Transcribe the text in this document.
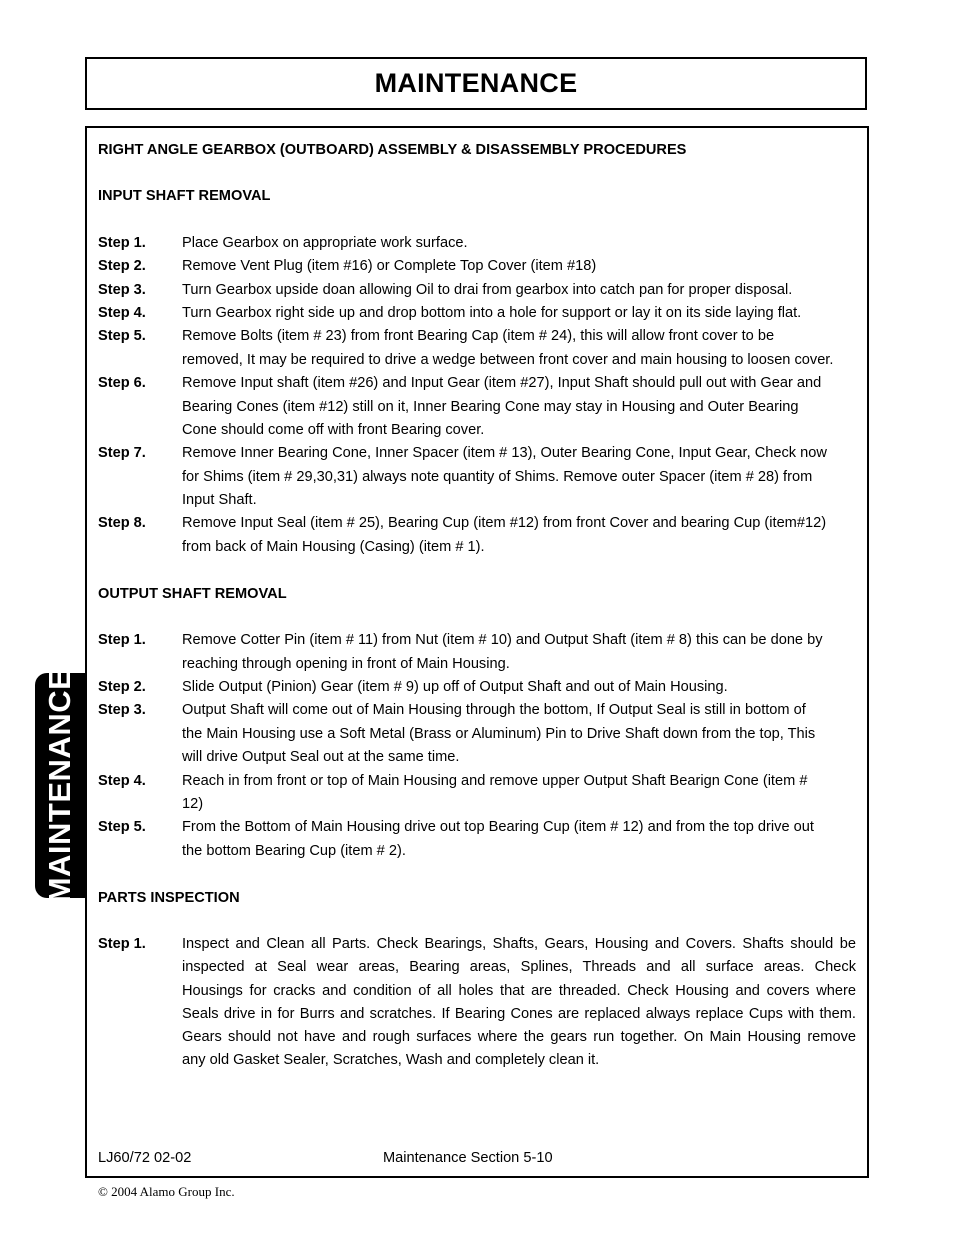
MAINTENANCE
MAINTENANCE
RIGHT ANGLE GEARBOX (OUTBOARD) ASSEMBLY & DISASSEMBLY PROCEDURES
INPUT SHAFT REMOVAL
Step 1. Place Gearbox on appropriate work surface.
Step 2. Remove Vent Plug (item #16) or Complete Top Cover (item #18)
Step 3. Turn Gearbox upside doan allowing Oil to drai from gearbox into catch pan for proper disposal.
Step 4. Turn Gearbox right side up and drop bottom into a hole for support or lay it on its side laying flat.
Step 5. Remove Bolts (item # 23) from front Bearing Cap (item # 24), this will allow front cover to be
removed, It may be required to drive a wedge between front cover and main housing to loosen cover.
Step 6. Remove Input shaft (item #26) and Input Gear (item #27), Input Shaft should pull out with Gear and
Bearing Cones (item #12) still on it, Inner Bearing Cone may stay in Housing and Outer Bearing
Cone should come off with front Bearing cover.
Step 7. Remove Inner Bearing Cone, Inner Spacer (item # 13), Outer Bearing Cone, Input Gear, Check now
for Shims (item # 29,30,31) always note quantity of Shims. Remove outer Spacer (item # 28) from
Input Shaft.
Step 8. Remove Input Seal (item # 25), Bearing Cup (item #12) from front Cover and bearing Cup (item#12)
from back of Main Housing (Casing) (item # 1).
OUTPUT SHAFT REMOVAL
Step 1. Remove Cotter Pin (item # 11) from Nut (item # 10) and Output Shaft (item # 8) this can be done by
reaching through opening in front of Main Housing.
Step 2. Slide Output (Pinion) Gear (item # 9) up off of Output Shaft and out of Main Housing.
Step 3. Output Shaft will come out of Main Housing through the bottom, If Output Seal is still in bottom of
the Main Housing use a Soft Metal (Brass or Aluminum) Pin to Drive Shaft down from the top, This
will drive Output Seal out at the same time.
Step 4. Reach in from front or top of Main Housing and remove upper Output Shaft Bearign Cone (item #
12)
Step 5. From the Bottom of Main Housing drive out top Bearing Cup (item # 12) and from the top drive out
the bottom Bearing Cup (item # 2).
PARTS INSPECTION
Step 1. Inspect and Clean all Parts. Check Bearings, Shafts, Gears, Housing and Covers. Shafts should be
inspected at Seal wear areas, Bearing areas, Splines, Threads and all surface areas. Check
Housings for cracks and condition of all holes that are threaded. Check Housing and covers where
Seals drive in for Burrs and scratches. If Bearing Cones are replaced always replace Cups with them.
Gears should not have and rough surfaces where the gears run together. On Main Housing remove
any old Gasket Sealer, Scratches, Wash and completely clean it.
LJ60/72 02-02	Maintenance Section 5-10
© 2004 Alamo Group Inc.
